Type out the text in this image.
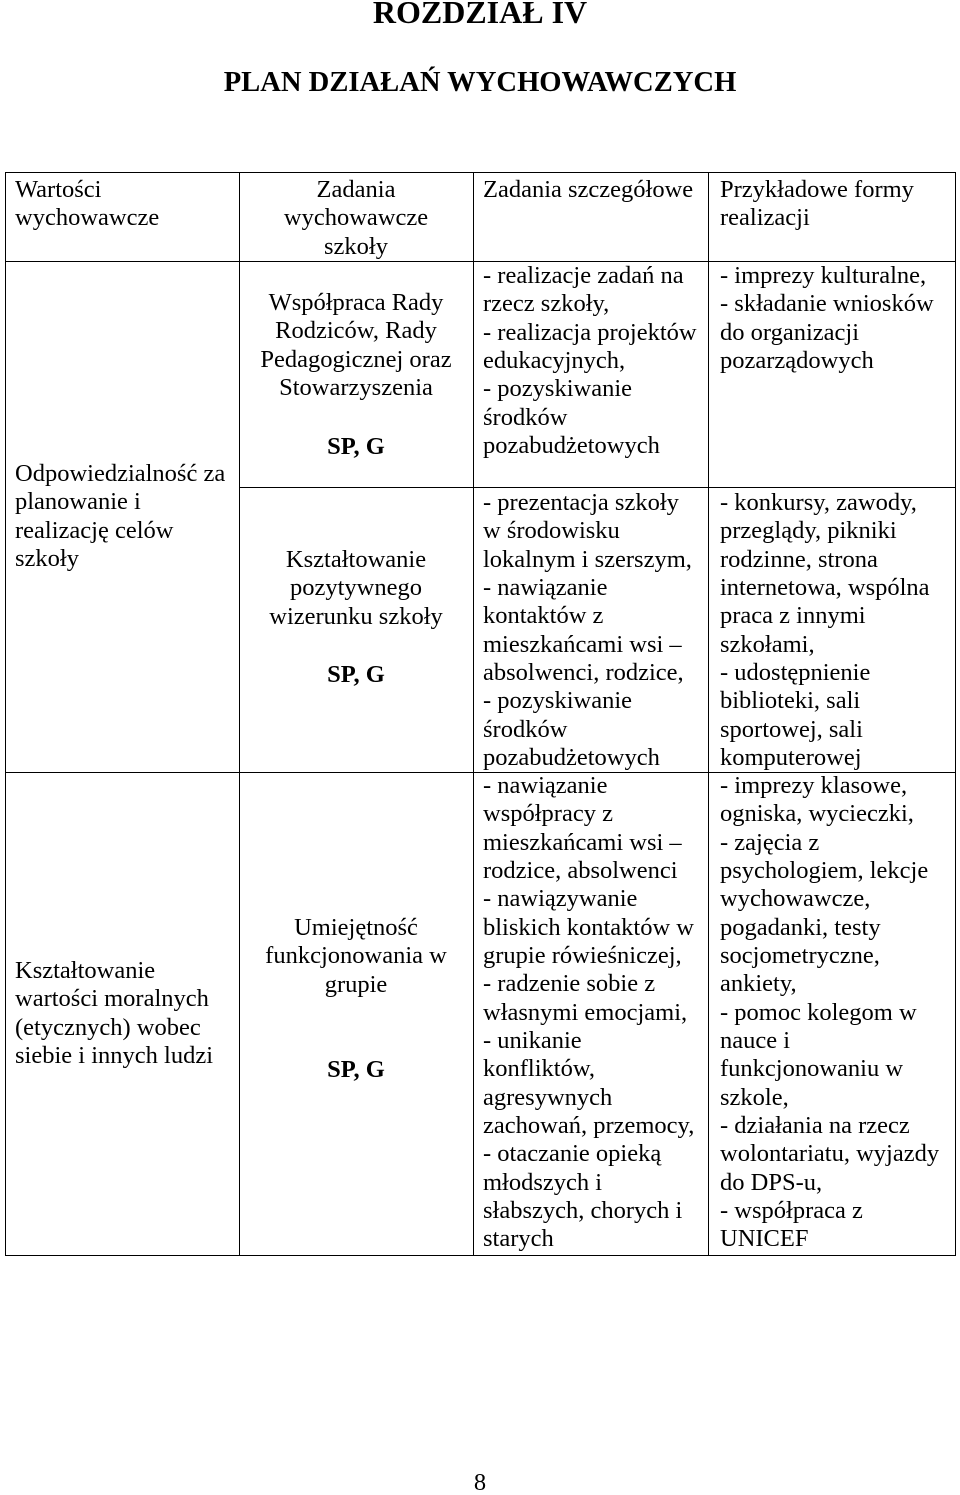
ROZDZIAŁ IV
PLAN DZIAŁAŃ WYCHOWAWCZYCH
Wartości
wychowawcze
Zadania
wychowawcze
szkoły
Zadania szczegółowe Przykładowe formy
realizacji
Odpowiedzialność za
planowanie i
realizację celów
szkoły
Kształtowanie
wartości moralnych
(etycznych) wobec
siebie i innych ludzi
Współpraca Rady
Rodziców, Rady
Pedagogicznej oraz
Stowarzyszenia
SP, G
Kształtowanie
pozytywnego
wizerunku szkoły
SP, G
Umiejętność
funkcjonowania w
grupie
SP, G
- realizacje zadań na
rzecz szkoły,
- realizacja projektów
edukacyjnych,
- pozyskiwanie
środków
pozabudżetowych
- prezentacja szkoły
w środowisku
lokalnym i szerszym,
- nawiązanie
kontaktów z
mieszkańcami wsi –
absolwenci, rodzice,
- pozyskiwanie
środków
pozabudżetowych
- nawiązanie
współpracy z
mieszkańcami wsi –
rodzice, absolwenci
- nawiązywanie
bliskich kontaktów w
grupie rówieśniczej,
- radzenie sobie z
własnymi emocjami,
- unikanie
konfliktów,
agresywnych
zachowań, przemocy,
- otaczanie opieką
młodszych i
słabszych, chorych i
starych
- imprezy kulturalne,
- składanie wniosków
do organizacji
pozarządowych
- konkursy, zawody,
przeglądy, pikniki
rodzinne, strona
internetowa, wspólna
praca z innymi
szkołami,
- udostępnienie
biblioteki, sali
sportowej, sali
komputerowej
- imprezy klasowe,
ogniska, wycieczki,
- zajęcia z
psychologiem, lekcje
wychowawcze,
pogadanki, testy
socjometryczne,
ankiety,
- pomoc kolegom w
nauce i
funkcjonowaniu w
szkole,
- działania na rzecz
wolontariatu, wyjazdy
do DPS-u,
- współpraca z
UNICEF
8
